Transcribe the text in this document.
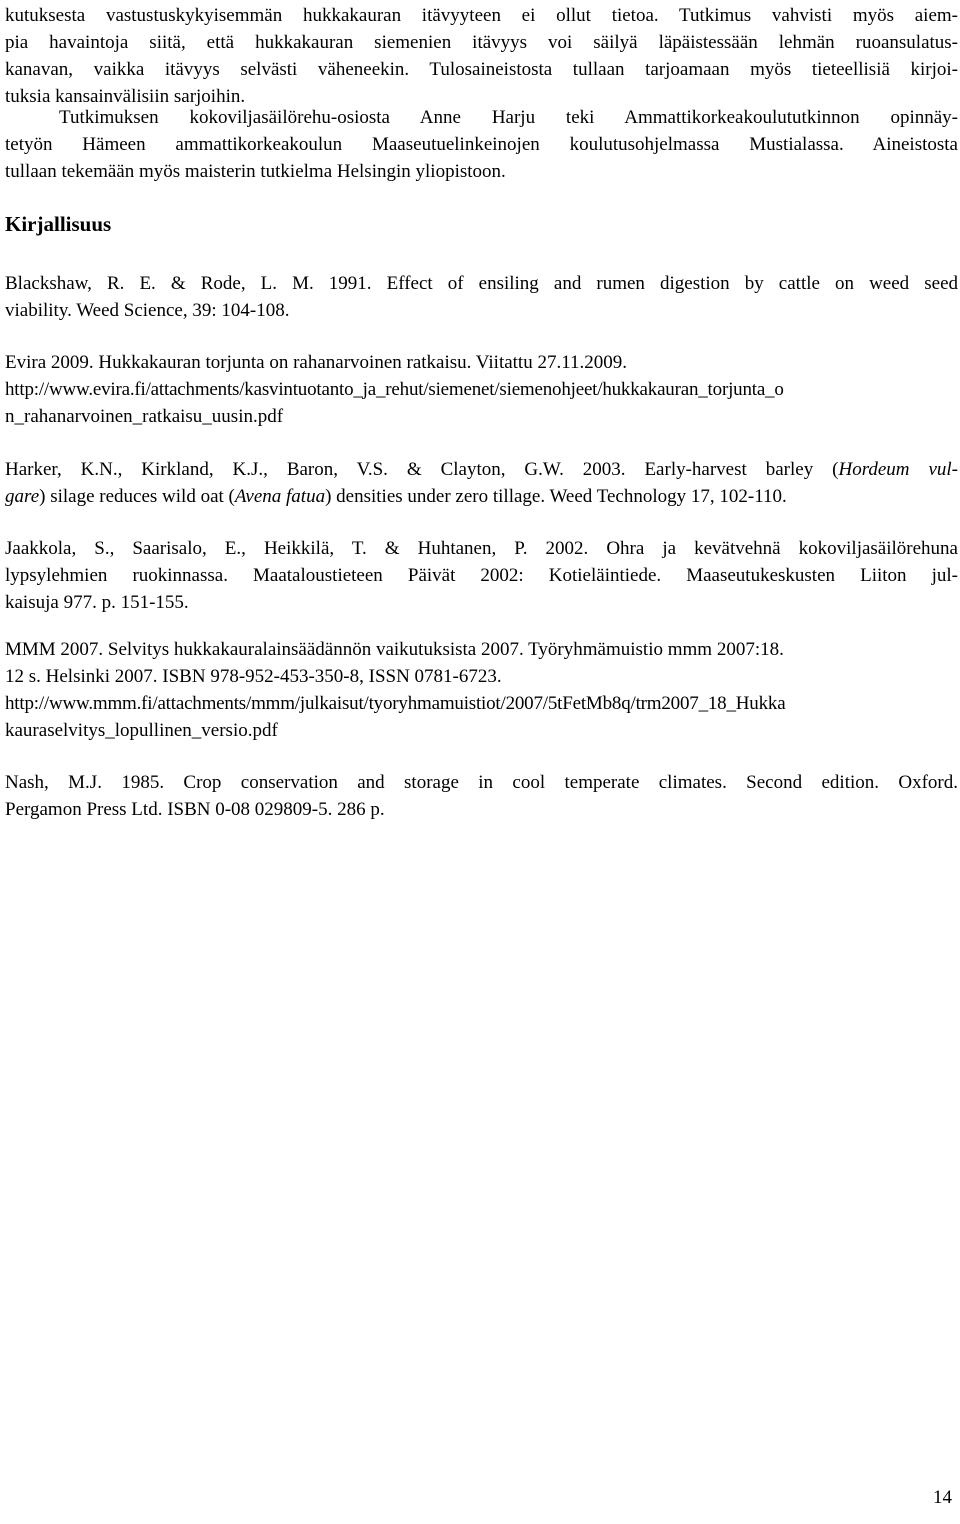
kutuksesta vastustuskykyisemmän hukkakauran itävyyteen ei ollut tietoa. Tutkimus vahvisti myös aiem-
pia havaintoja siitä, että hukkakauran siemenien itävyys voi säilyä läpäistessään lehmän ruoansulatus-
kanavan, vaikka itävyys selvästi väheneekin. Tulosaineistosta tullaan tarjoamaan myös tieteellisiä kirjoi-
tuksia kansainvälisiin sarjoihin.
Tutkimuksen kokoviljasäilörehu-osiosta Anne Harju teki Ammattikorkeakoulututkinnon opinnäy-
tetyön Hämeen ammattikorkeakoulun Maaseutuelinkeinojen koulutusohjelmassa Mustialassa. Aineistosta
tullaan tekemään myös maisterin tutkielma Helsingin yliopistoon.
Kirjallisuus
Blackshaw, R. E. & Rode, L. M. 1991. Effect of ensiling and rumen digestion by cattle on weed seed
viability. Weed Science, 39: 104-108.
Evira 2009. Hukkakauran torjunta on rahanarvoinen ratkaisu. Viitattu 27.11.2009.
http://www.evira.fi/attachments/kasvintuotanto_ja_rehut/siemenet/siemenohjeet/hukkakauran_torjunta_o
n_rahanarvoinen_ratkaisu_uusin.pdf
Harker, K.N., Kirkland, K.J., Baron, V.S. & Clayton, G.W. 2003. Early-harvest barley (Hordeum vul-
gare) silage reduces wild oat (Avena fatua) densities under zero tillage. Weed Technology 17, 102-110.
Jaakkola, S., Saarisalo, E., Heikkilä, T. & Huhtanen, P. 2002. Ohra ja kevätvehnä kokoviljasäilörehuna
lypsylehmien ruokinnassa. Maataloustieteen Päivät 2002: Kotieläintiede. Maaseutukeskusten Liiton jul-
kaisuja 977. p. 151-155.
MMM 2007. Selvitys hukkakauralainsäädännön vaikutuksista 2007. Työryhmämuistio mmm 2007:18.
12 s. Helsinki 2007. ISBN 978-952-453-350-8, ISSN 0781-6723.
http://www.mmm.fi/attachments/mmm/julkaisut/tyoryhmamuistiot/2007/5tFetMb8q/trm2007_18_Hukka
kauraselvitys_lopullinen_versio.pdf
Nash, M.J. 1985. Crop conservation and storage in cool temperate climates. Second edition. Oxford.
Pergamon Press Ltd. ISBN 0-08 029809-5. 286 p.
14
